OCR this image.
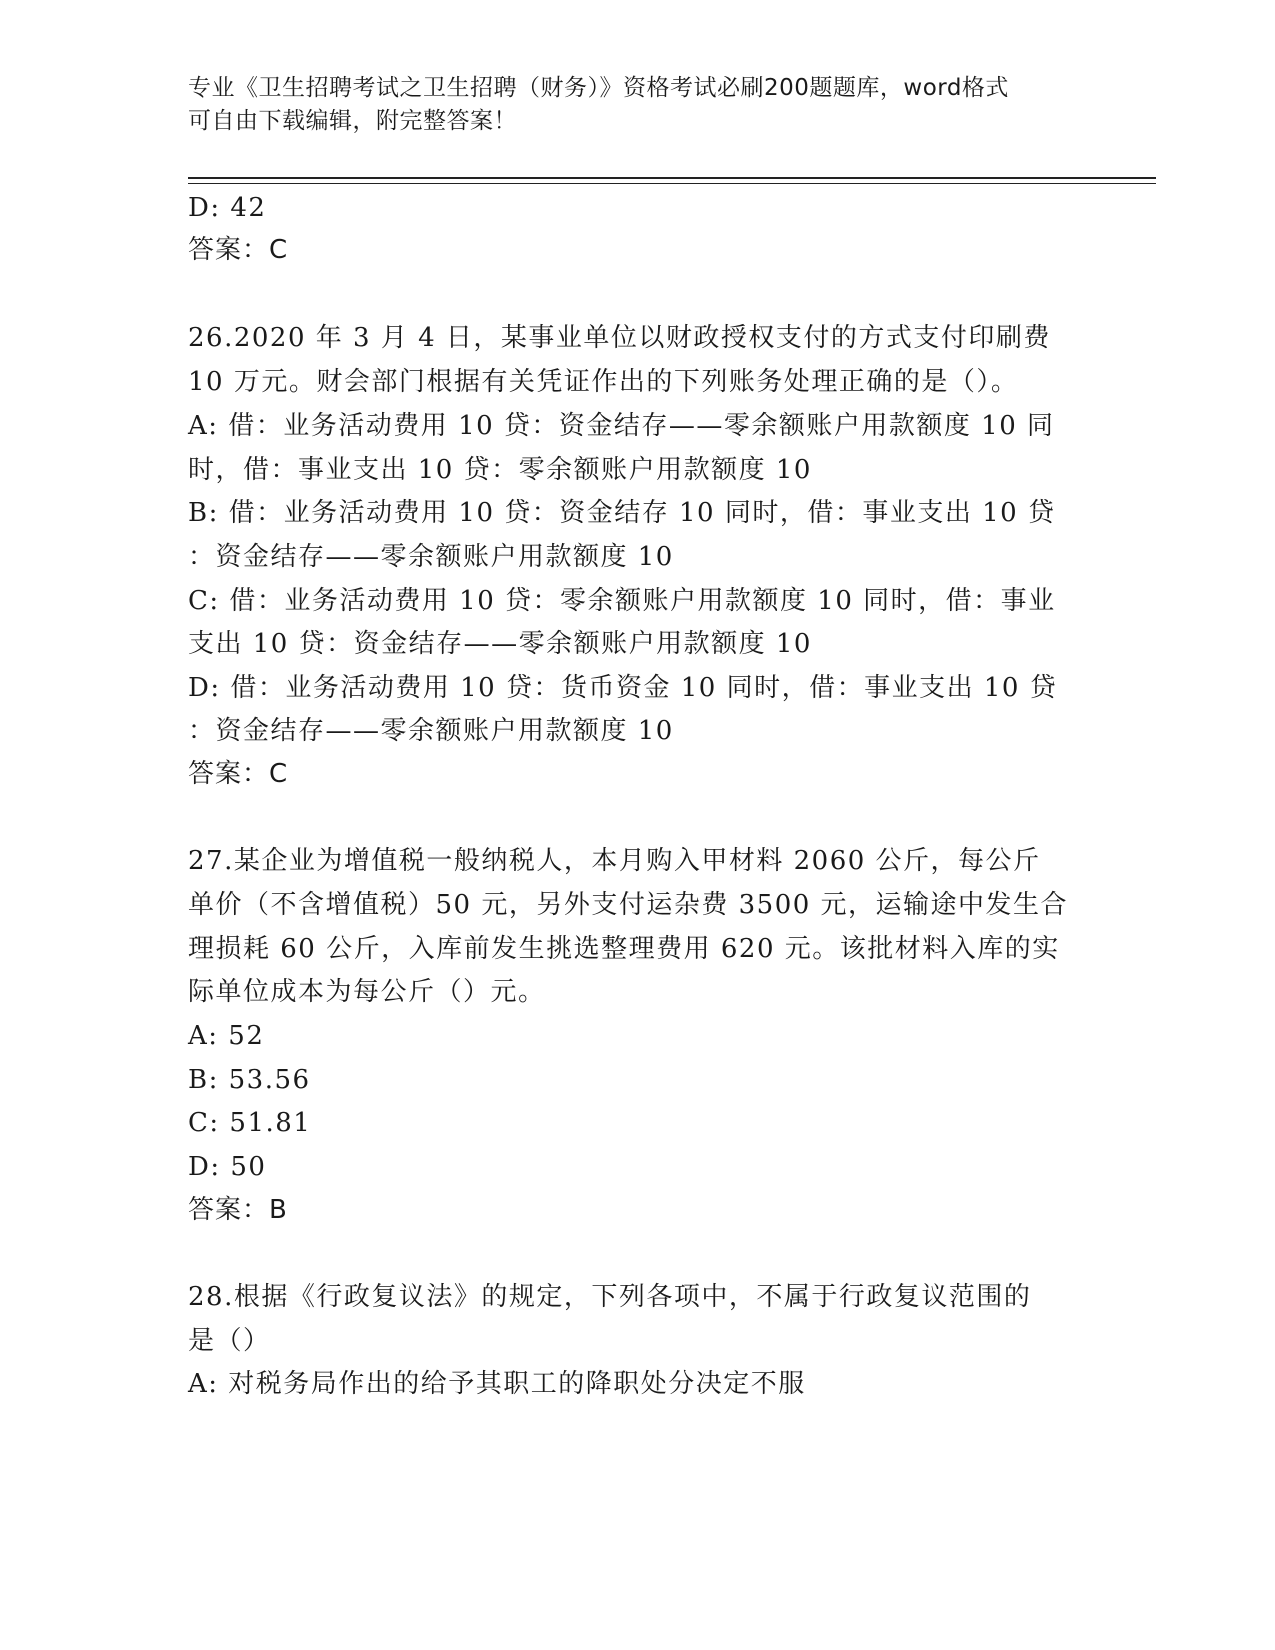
专业《卫生招聘考试之卫生招聘（财务）》资格考试必刷200题题库，word格式
可自由下载编辑，附完整答案！
D: 42
答案：C
26.2020 年 3 月 4 日，某事业单位以财政授权支付的方式支付印刷费
10 万元。财会部门根据有关凭证作出的下列账务处理正确的是（）。
A: 借：业务活动费用 10 贷：资金结存——零余额账户用款额度 10 同
时，借：事业支出 10 贷：零余额账户用款额度 10
B: 借：业务活动费用 10 贷：资金结存 10 同时，借：事业支出 10 贷
：资金结存——零余额账户用款额度 10
C: 借：业务活动费用 10 贷：零余额账户用款额度 10 同时，借：事业
支出 10 贷：资金结存——零余额账户用款额度 10
D: 借：业务活动费用 10 贷：货币资金 10 同时，借：事业支出 10 贷
：资金结存——零余额账户用款额度 10
答案：C
27.某企业为增值税一般纳税人，本月购入甲材料 2060 公斤，每公斤
单价（不含增值税）50 元，另外支付运杂费 3500 元，运输途中发生合
理损耗 60 公斤，入库前发生挑选整理费用 620 元。该批材料入库的实
际单位成本为每公斤（）元。
A: 52
B: 53.56
C: 51.81
D: 50
答案：B
28.根据《行政复议法》的规定，下列各项中，不属于行政复议范围的
是（）
A: 对税务局作出的给予其职工的降职处分决定不服
